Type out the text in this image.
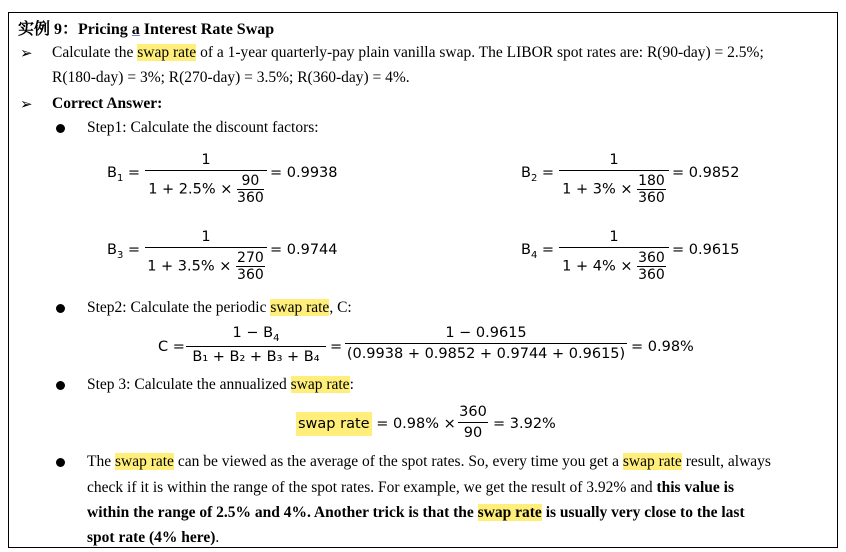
实例 9：Pricing a Interest Rate Swap
➢ Calculate the swap rate of a 1-year quarterly-pay plain vanilla swap. The LIBOR spot rates are: R(90-day) = 2.5%;
R(180-day) = 3%; R(270-day) = 3.5%; R(360-day) = 4%.
➢ Correct Answer:
Step1: Calculate the discount factors:
$B_1$ =
1
$1 + 2.5\% \times \frac{90}{360} = 0.9938$	$B_2$ =
1
$1 + 3\% \times \frac{180}{360} = 0.9852$
$B_3$ =
1
$1 + 3.5\% \times \frac{270}{360} = 0.9744$	$B_4$ =
1
$1 + 4\% \times \frac{360}{360} = 0.9615$
Step2: Calculate the periodic swap rate, C:
C =
$1 - B_4$
B₁ + B₂ + B₃ + B₄
=
1 − 0.9615
(0.9938 + 0.9852 + 0.9744 + 0.9615) = 0.98%
Step 3: Calculate the annualized swap rate:
swap rate = 0.98% ×
360
90
= 3.92%
The swap rate can be viewed as the average of the spot rates. So, every time you get a swap rate result, always
check if it is within the range of the spot rates. For example, we get the result of 3.92% and this value is
within the range of 2.5% and 4%. Another trick is that the swap rate is usually very close to the last
spot rate (4% here).
